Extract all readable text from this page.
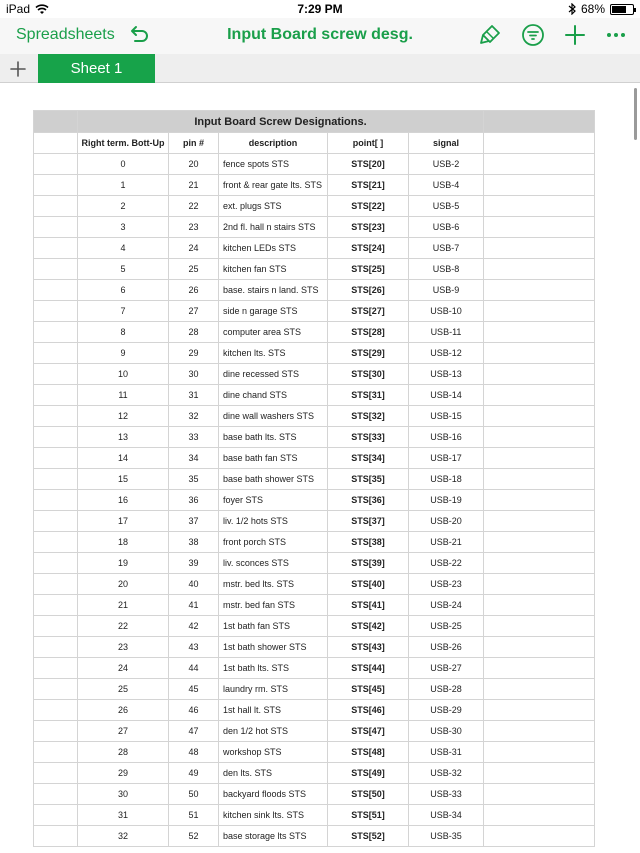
iPad	7:29 PM	68%
Spreadsheets	Input Board screw desg.
Sheet 1
	Input Board Screw Designations.					
	Right term. Bott-Up	pin #	description	point[ ]	signal	
	0	20	fence spots STS	STS[20]	USB-2	
	1	21	front & rear gate lts. STS	STS[21]	USB-4	
	2	22	ext. plugs STS	STS[22]	USB-5	
	3	23	2nd fl. hall n stairs STS	STS[23]	USB-6	
	4	24	kitchen LEDs STS	STS[24]	USB-7	
	5	25	kitchen fan STS	STS[25]	USB-8	
	6	26	base. stairs n land. STS	STS[26]	USB-9	
	7	27	side n garage STS	STS[27]	USB-10	
	8	28	computer area STS	STS[28]	USB-11	
	9	29	kitchen lts. STS	STS[29]	USB-12	
	10	30	dine recessed STS	STS[30]	USB-13	
	11	31	dine chand STS	STS[31]	USB-14	
	12	32	dine wall washers STS	STS[32]	USB-15	
	13	33	base bath lts. STS	STS[33]	USB-16	
	14	34	base bath fan STS	STS[34]	USB-17	
	15	35	base bath shower STS	STS[35]	USB-18	
	16	36	foyer STS	STS[36]	USB-19	
	17	37	liv. 1/2 hots STS	STS[37]	USB-20	
	18	38	front porch STS	STS[38]	USB-21	
	19	39	liv. sconces STS	STS[39]	USB-22	
	20	40	mstr. bed lts. STS	STS[40]	USB-23	
	21	41	mstr. bed fan STS	STS[41]	USB-24	
	22	42	1st bath fan STS	STS[42]	USB-25	
	23	43	1st bath shower STS	STS[43]	USB-26	
	24	44	1st bath lts. STS	STS[44]	USB-27	
	25	45	laundry rm. STS	STS[45]	USB-28	
	26	46	1st hall lt. STS	STS[46]	USB-29	
	27	47	den 1/2 hot STS	STS[47]	USB-30	
	28	48	workshop STS	STS[48]	USB-31	
	29	49	den lts. STS	STS[49]	USB-32	
	30	50	backyard floods STS	STS[50]	USB-33	
	31	51	kitchen sink lts. STS	STS[51]	USB-34	
	32	52	base storage lts STS	STS[52]	USB-35	
